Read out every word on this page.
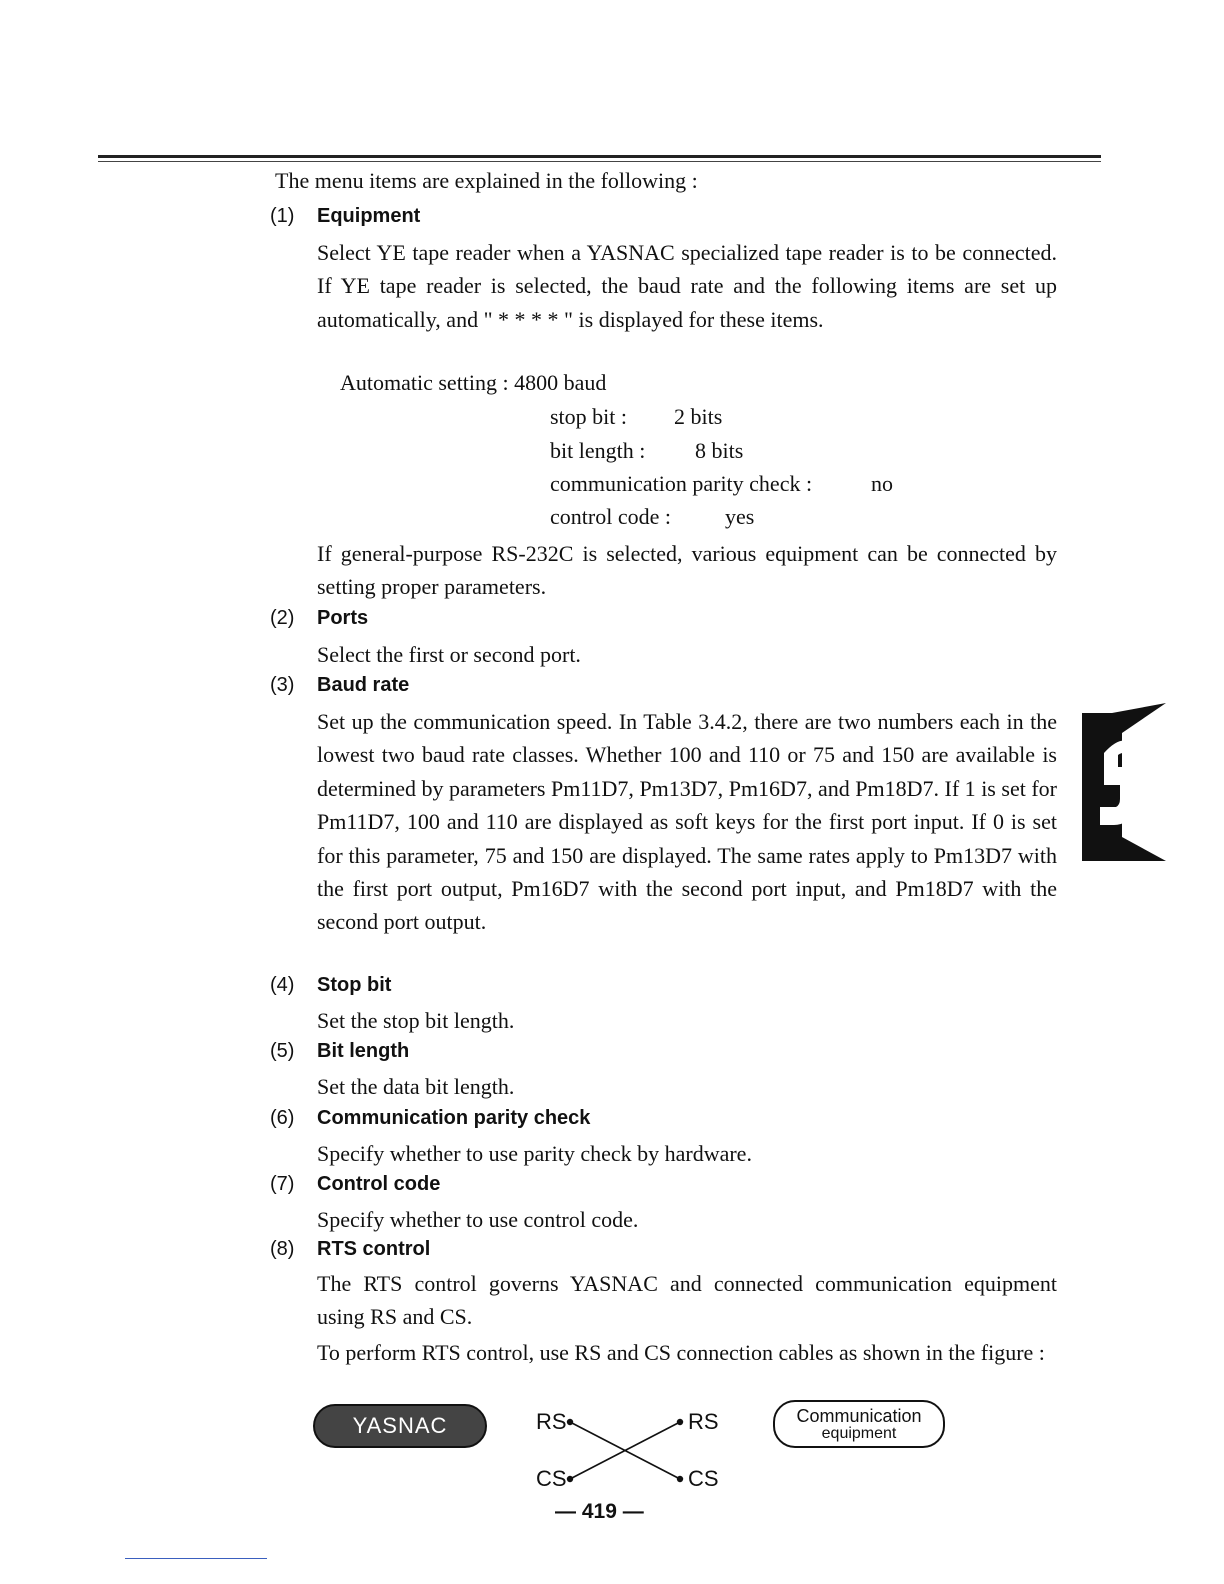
The menu items are explained in the following :
(1) Equipment
Select YE tape reader when a YASNAC specialized tape reader is to be connected. If YE tape reader is selected, the baud rate and the following items are set up automatically, and " * * * * " is displayed for these items.
Automatic setting : 4800 baud
stop bit : 2 bits
bit length : 8 bits
communication parity check :	no
control code : yes
If general-purpose RS-232C is selected, various equipment can be connected by setting proper parameters.
(2) Ports
Select the first or second port.
(3) Baud rate
Set up the communication speed. In Table 3.4.2, there are two numbers each in the lowest two baud rate classes. Whether 100 and 110 or 75 and 150 are available is determined by parameters Pm11D7, Pm13D7, Pm16D7, and Pm18D7. If 1 is set for Pm11D7, 100 and 110 are displayed as soft keys for the first port input. If 0 is set for this parameter, 75 and 150 are displayed. The same rates apply to Pm13D7 with the first port output, Pm16D7 with the second port input, and Pm18D7 with the second port output.
(4) Stop bit
Set the stop bit length.
(5) Bit length
Set the data bit length.
(6) Communication parity check
Specify whether to use parity check by hardware.
(7) Control code
Specify whether to use control code.
(8) RTS control
The RTS control governs YASNAC and connected communication equipment using RS and CS.
To perform RTS control, use RS and CS connection cables as shown in the figure :
YASNAC	RS	RS
CS	CS
Communication
equipment
— 419 —
